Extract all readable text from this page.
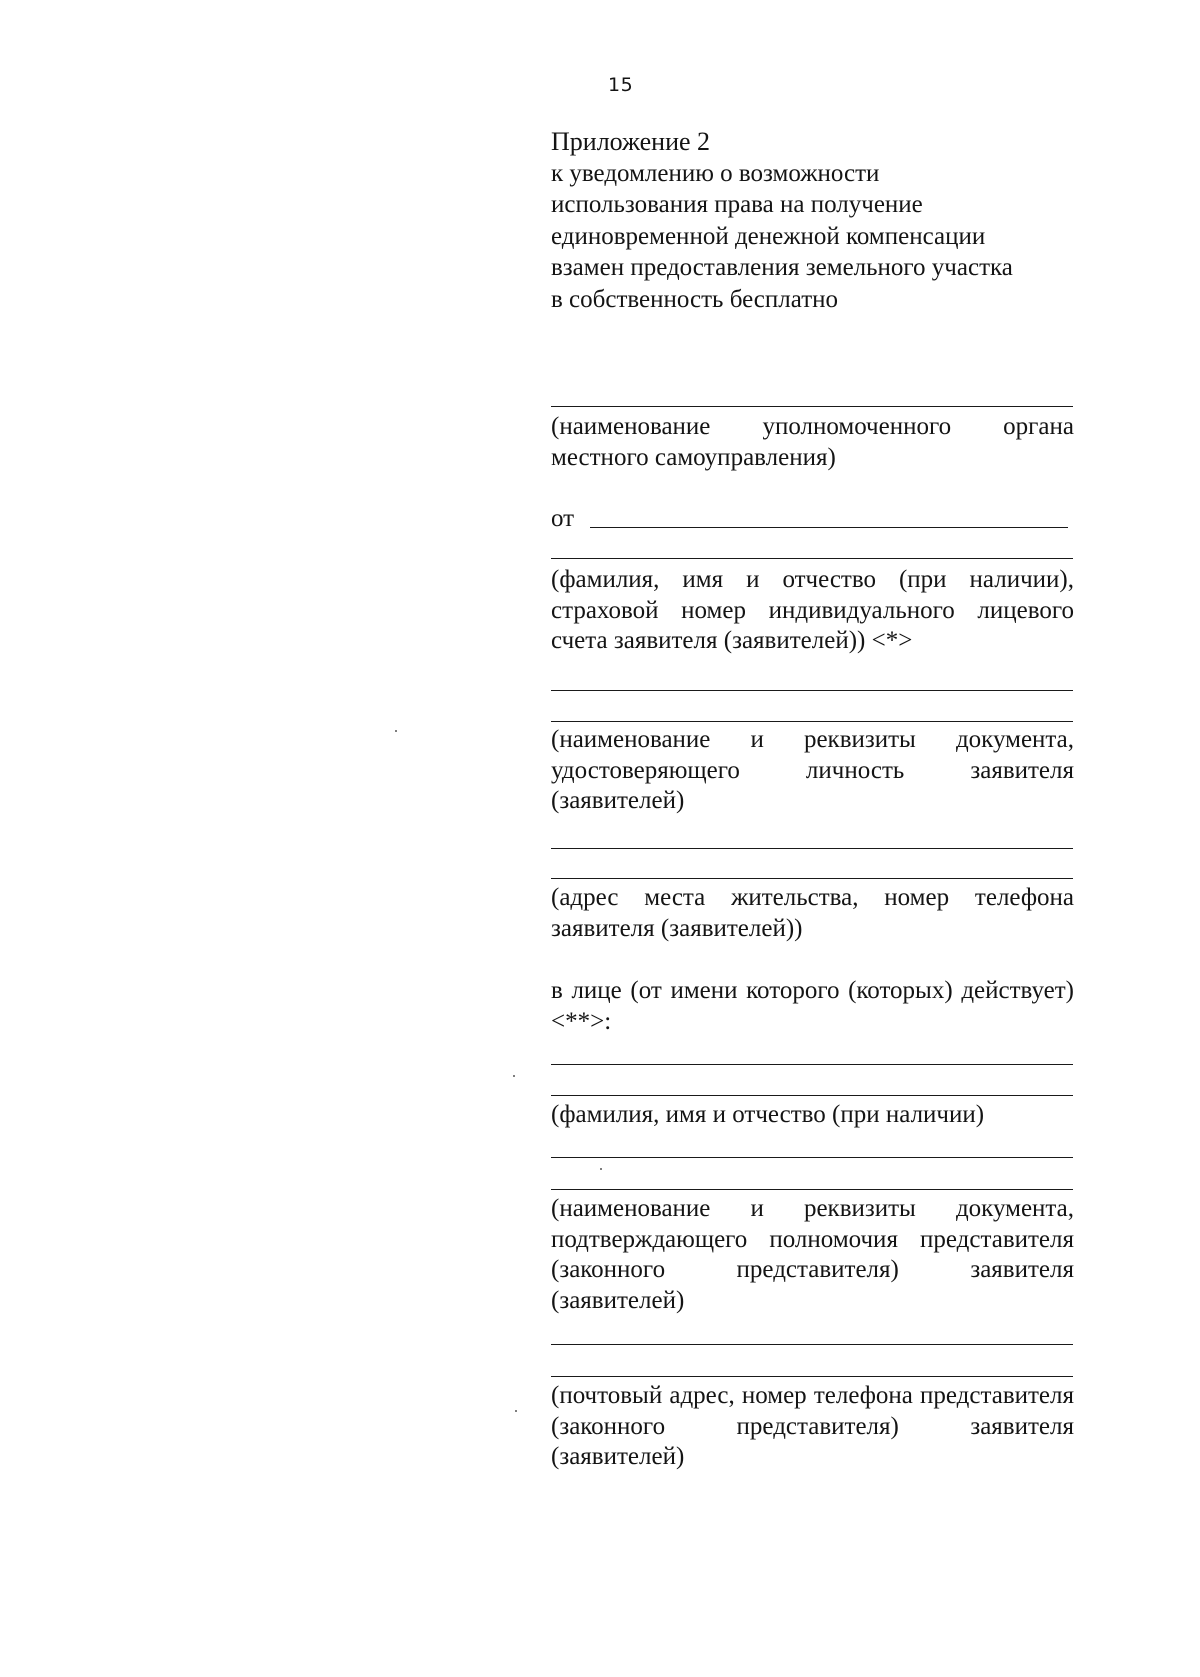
15
Приложение 2
к уведомлению о возможности
использования права на получение
единовременной денежной компенсации
взамен предоставления земельного участка
в собственность бесплатно
(наименование уполномоченного органа местного самоуправления)
от
(фамилия, имя и отчество (при наличии), страховой номер индивидуального лицевого счета заявителя (заявителей)) <*>
(наименование и реквизиты документа, удостоверяющего личность заявителя (заявителей)
(адрес места жительства, номер телефона заявителя (заявителей))
в лице (от имени которого (которых) действует) <**>:
(фамилия, имя и отчество (при наличии)
(наименование и реквизиты документа, подтверждающего полномочия представителя (законного представителя) заявителя (заявителей)
(почтовый адрес, номер телефона представителя (законного представителя) заявителя (заявителей)
